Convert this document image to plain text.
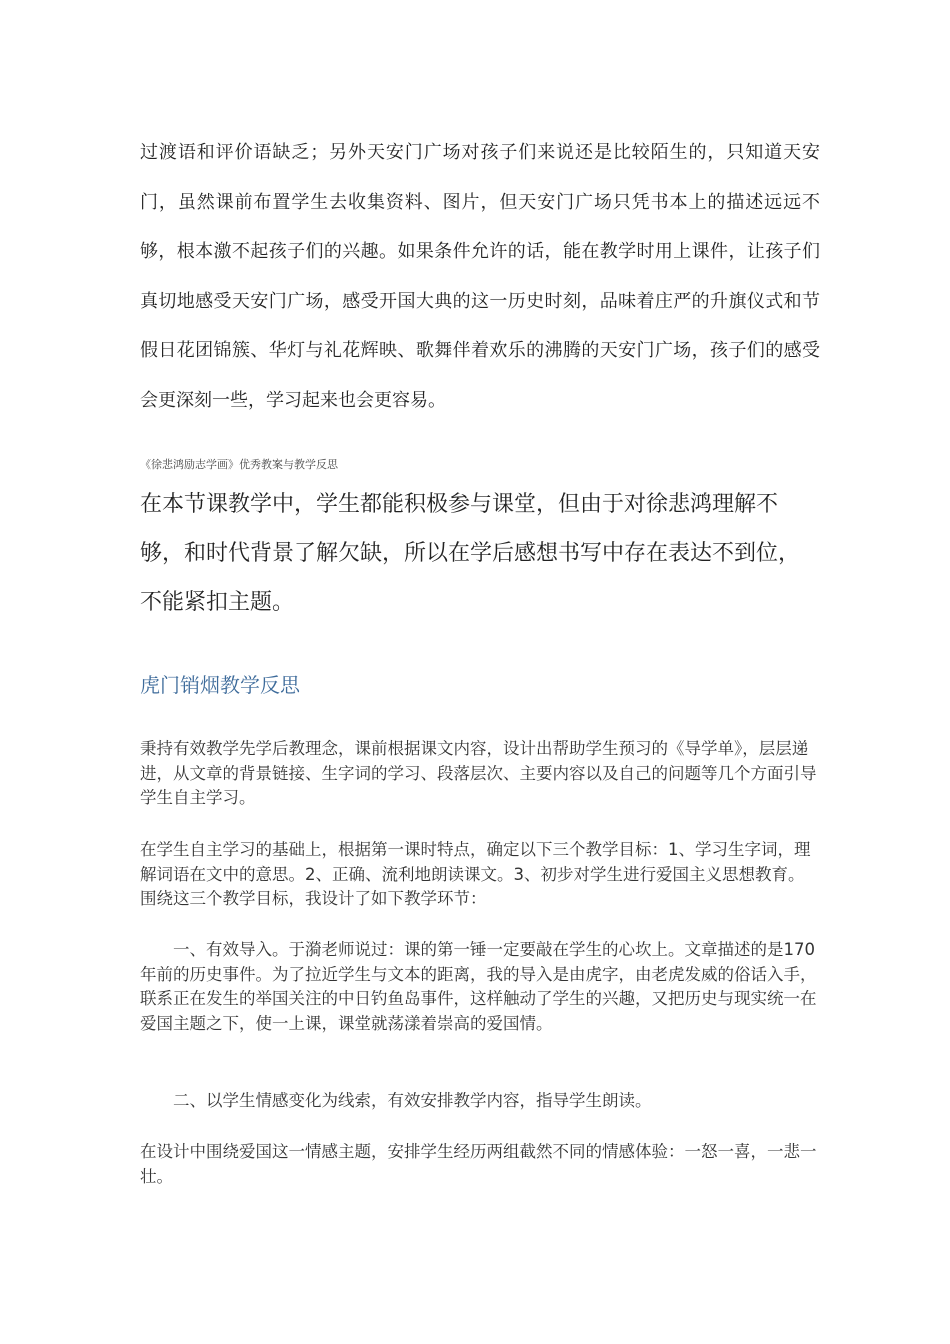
过渡语和评价语缺乏；另外天安门广场对孩子们来说还是比较陌生的，只知道天安门，虽然课前布置学生去收集资料、图片，但天安门广场只凭书本上的描述远远不够，根本激不起孩子们的兴趣。如果条件允许的话，能在教学时用上课件，让孩子们真切地感受天安门广场，感受开国大典的这一历史时刻，品味着庄严的升旗仪式和节假日花团锦簇、华灯与礼花辉映、歌舞伴着欢乐的沸腾的天安门广场，孩子们的感受会更深刻一些，学习起来也会更容易。

《徐悲鸿励志学画》优秀教案与教学反思

在本节课教学中，学生都能积极参与课堂，但由于对徐悲鸿理解不够，和时代背景了解欠缺，所以在学后感想书写中存在表达不到位，不能紧扣主题。

虎门销烟教学反思

秉持有效教学先学后教理念，课前根据课文内容，设计出帮助学生预习的《导学单》，层层递进，从文章的背景链接、生字词的学习、段落层次、主要内容以及自己的问题等几个方面引导学生自主学习。

在学生自主学习的基础上，根据第一课时特点，确定以下三个教学目标：1、学习生字词，理解词语在文中的意思。2、正确、流利地朗读课文。3、初步对学生进行爱国主义思想教育。围绕这三个教学目标，我设计了如下教学环节：

一、有效导入。于漪老师说过：课的第一锤一定要敲在学生的心坎上。文章描述的是170年前的历史事件。为了拉近学生与文本的距离，我的导入是由虎字，由老虎发威的俗话入手，联系正在发生的举国关注的中日钓鱼岛事件，这样触动了学生的兴趣，又把历史与现实统一在爱国主题之下，使一上课，课堂就荡漾着崇高的爱国情。

二、以学生情感变化为线索，有效安排教学内容，指导学生朗读。

在设计中围绕爱国这一情感主题，安排学生经历两组截然不同的情感体验：一怒一喜，一悲一壮。
